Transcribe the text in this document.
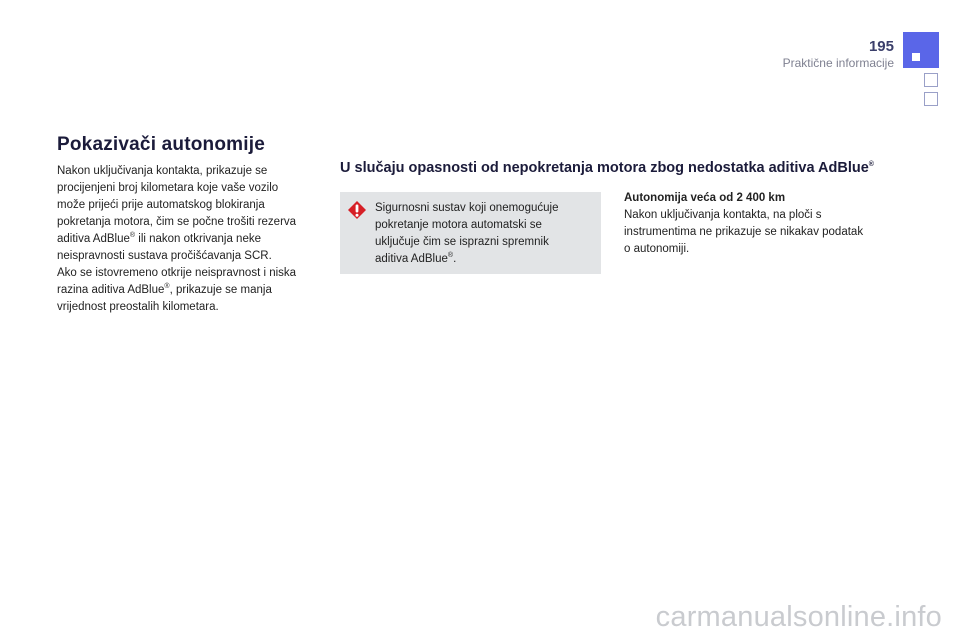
195
Praktične informacije
Pokazivači autonomije

Nakon uključivanja kontakta, prikazuje se

procijenjeni broj kilometara koje vaše vozilo

može prijeći prije automatskog blokiranja

pokretanja motora, čim se počne trošiti rezerva

aditiva AdBlue® ili nakon otkrivanja neke

neispravnosti sustava pročišćavanja SCR.

Ako se istovremeno otkrije neispravnost i niska

razina aditiva AdBlue®, prikazuje se manja

vrijednost preostalih kilometara.

U slučaju opasnosti od nepokretanja motora zbog nedostatka aditiva AdBlue®

Sigurnosni sustav koji onemogućuje

pokretanje motora automatski se

uključuje čim se isprazni spremnik

aditiva AdBlue®.

Autonomija veća od 2 400 km

Nakon uključivanja kontakta, na ploči s

instrumentima ne prikazuje se nikakav podatak

o autonomiji.

carmanualsonline.info
